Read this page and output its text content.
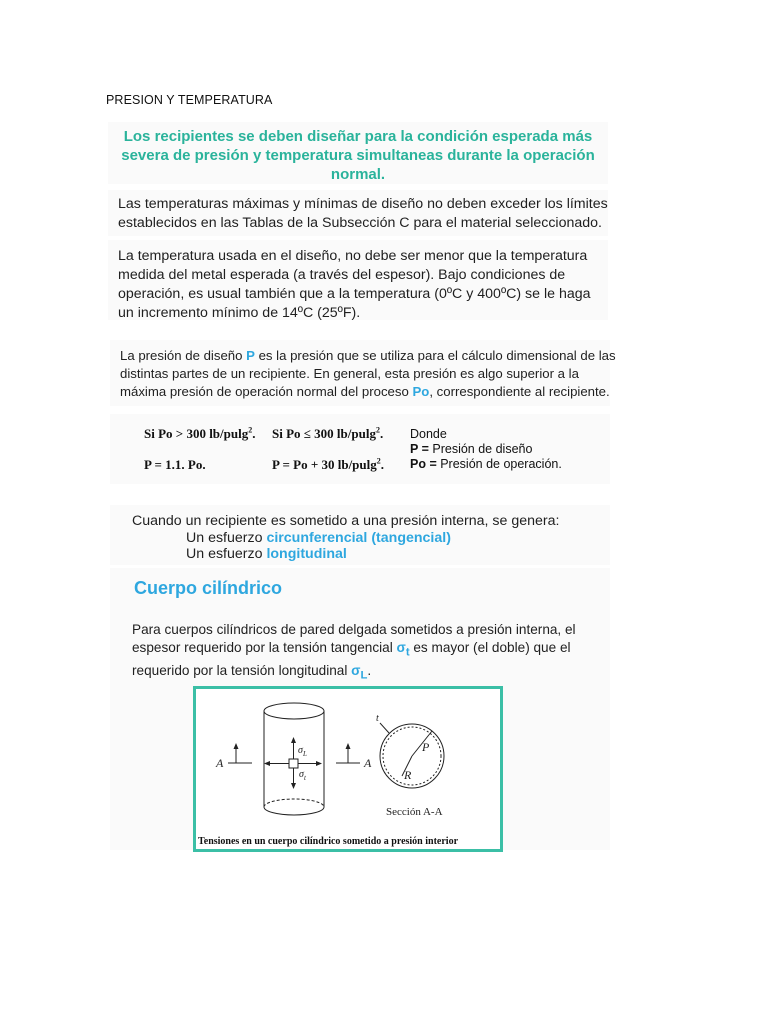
PRESION Y TEMPERATURA
Los recipientes se deben diseñar para la condición esperada más severa de presión y temperatura simultaneas durante la operación normal.
Las temperaturas máximas y mínimas de diseño no deben exceder los límites establecidos en las Tablas de la Subsección C para el material seleccionado.
La temperatura usada en el diseño, no debe ser menor que la temperatura medida del metal esperada (a través del espesor). Bajo condiciones de operación, es usual también que a la temperatura (0ºC y 400ºC) se le haga un incremento mínimo de 14ºC (25ºF).
La presión de diseño P es la presión que se utiliza para el cálculo dimensional de las distintas partes de un recipiente. En general, esta presión es algo superior a la máxima presión de operación normal del proceso Po, correspondiente al recipiente.
Si Po > 300 lb/pulg$^2$. Si Po ≤ 300 lb/pulg$^2$.
P = 1.1. Po.	P = Po + 30 lb/pulg$^2$.
Donde
P = Presión de diseño
Po = Presión de operación.
Cuando un recipiente es sometido a una presión interna, se genera:
Un esfuerzo circunferencial (tangencial)
Un esfuerzo longitudinal
Cuerpo cilíndrico
Para cuerpos cilíndricos de pared delgada sometidos a presión interna, el espesor requerido por la tensión tangencial $\sigma_t$ es mayor (el doble) que el requerido por la tensión longitudinal $\sigma_L$.
A	A
$\sigma_L$
$\sigma_t$
t
P
R
Sección A-A
Tensiones en un cuerpo cilíndrico sometido a presión interior
